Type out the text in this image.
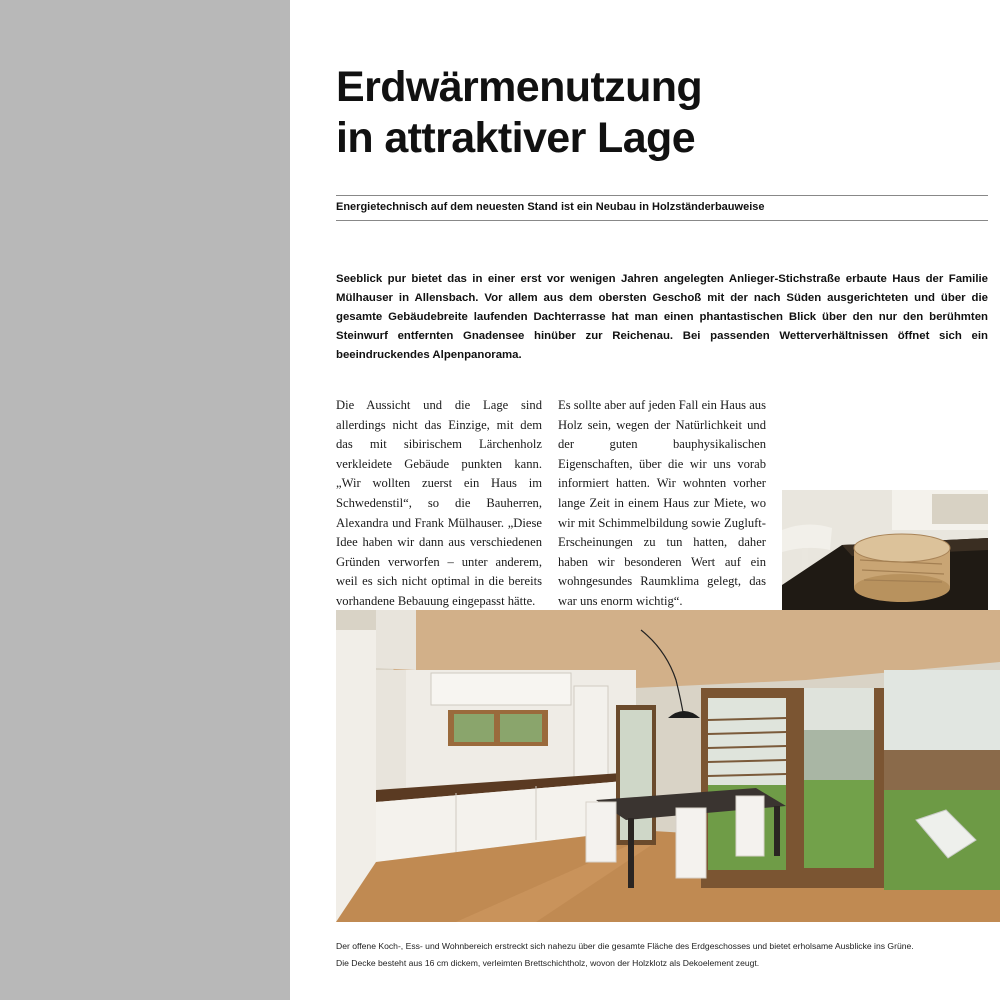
Erdwärmenutzung
in attraktiver Lage
Energietechnisch auf dem neuesten Stand ist ein Neubau in Holzständerbauweise

Seeblick pur bietet das in einer erst vor wenigen Jahren angelegten Anlieger-Stichstraße erbaute Haus der Familie Mülhauser in Allensbach. Vor allem aus dem obersten Geschoß mit der nach Süden ausgerichteten und über die gesamte Gebäudebreite laufenden Dachterrasse hat man einen phantastischen Blick über den nur den berühmten Steinwurf entfernten Gnadensee hinüber zur Reichenau. Bei passenden Wetterverhältnissen öffnet sich ein beeindruckendes Alpenpanorama.

Die Aussicht und die Lage sind allerdings nicht das Einzige, mit dem das mit sibirischem Lärchenholz verkleidete Gebäude punkten kann. „Wir wollten zuerst ein Haus im Schwedenstil“, so die Bauherren, Alexandra und Frank Mülhauser. „Diese Idee haben wir dann aus verschiedenen Gründen verworfen – unter anderem, weil es sich nicht optimal in die bereits vorhandene Bebauung eingepasst hätte.

Es sollte aber auf jeden Fall ein Haus aus Holz sein, wegen der Natürlichkeit und der guten bauphysikalischen Eigenschaften, über die wir uns vorab informiert hatten. Wir wohnten vorher lange Zeit in einem Haus zur Miete, wo wir mit Schimmelbildung sowie Zugluft-Erscheinungen zu tun hatten, daher haben wir besonderen Wert auf ein wohngesundes Raumklima gelegt, das war uns enorm wichtig“.

Der offene Koch-, Ess- und Wohnbereich erstreckt sich nahezu über die gesamte Fläche des Erdgeschosses und bietet erholsame Ausblicke ins Grüne.
Die Decke besteht aus 16 cm dickem, verleimten Brettschichtholz, wovon der Holzklotz als Dekoelement zeugt.
